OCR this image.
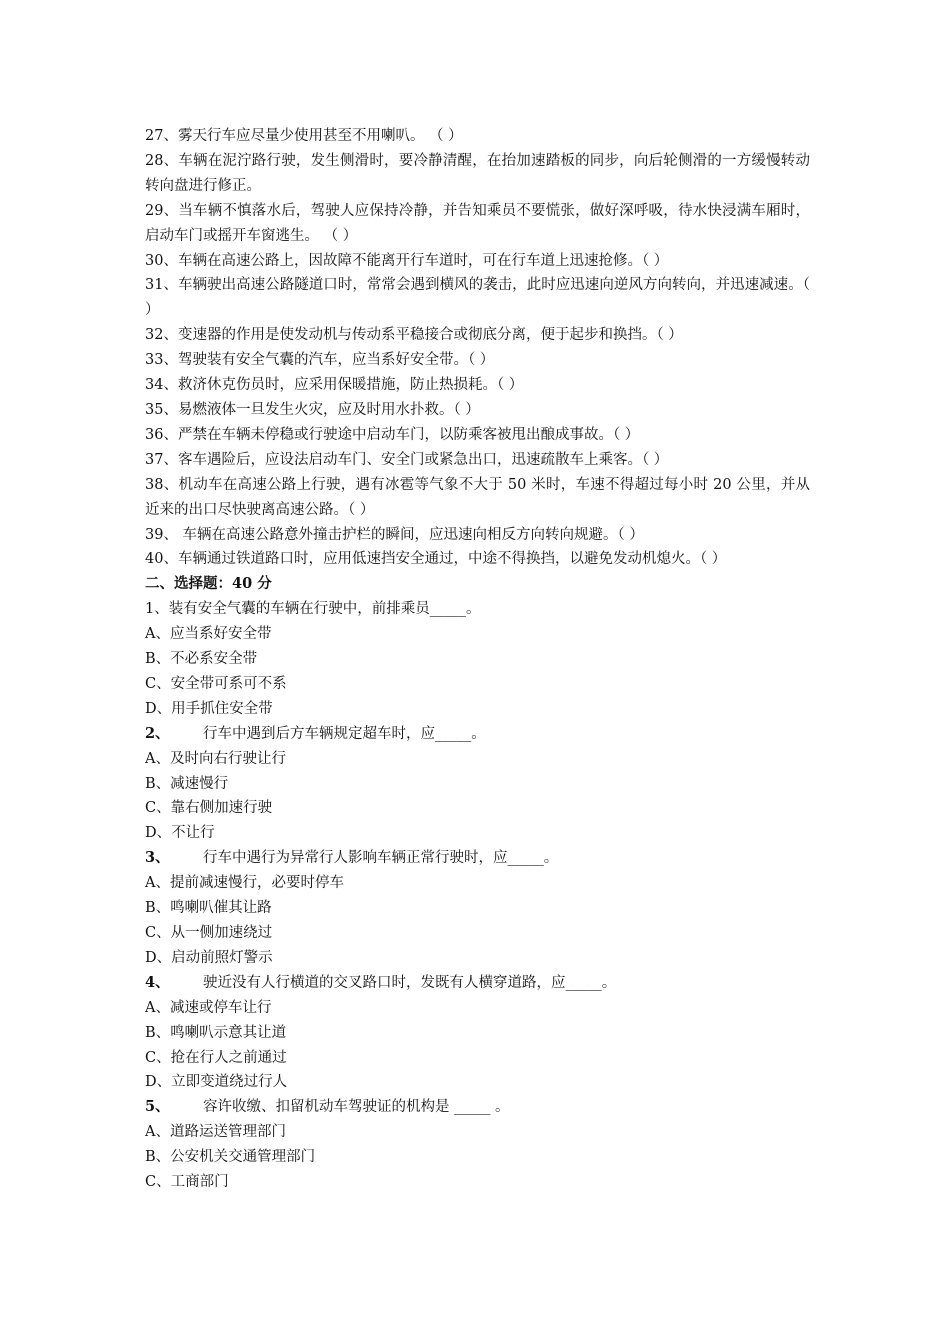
27、雾天行车应尽量少使用甚至不用喇叭。 （ ）
28、车辆在泥泞路行驶，发生侧滑时，要冷静清醒，在抬加速踏板的同步，向后轮侧滑的一方缓慢转动转向盘进行修正。
29、当车辆不慎落水后，驾驶人应保持冷静，并告知乘员不要慌张，做好深呼吸，待水快浸满车厢时，启动车门或摇开车窗逃生。 （ ）
30、车辆在高速公路上，因故障不能离开行车道时，可在行车道上迅速抢修。（ ）
31、车辆驶出高速公路隧道口时，常常会遇到横风的袭击，此时应迅速向逆风方向转向，并迅速减速。（ ）
32、变速器的作用是使发动机与传动系平稳接合或彻底分离，便于起步和换挡。（ ）
33、驾驶装有安全气囊的汽车，应当系好安全带。（ ）
34、救济休克伤员时，应采用保暖措施，防止热损耗。（ ）
35、易燃液体一旦发生火灾，应及时用水扑救。（ ）
36、严禁在车辆未停稳或行驶途中启动车门，以防乘客被甩出酿成事故。（ ）
37、客车遇险后，应设法启动车门、安全门或紧急出口，迅速疏散车上乘客。（ ）
38、机动车在高速公路上行驶，遇有冰雹等气象不大于 50 米时，车速不得超过每小时 20 公里，并从近来的出口尽快驶离高速公路。（ ）
39、 车辆在高速公路意外撞击护栏的瞬间，应迅速向相反方向转向规避。（ ）
40、车辆通过铁道路口时，应用低速挡安全通过，中途不得换挡，以避免发动机熄火。（ ）
二、选择题：40 分
1、装有安全气囊的车辆在行驶中，前排乘员_____。
A、应当系好安全带
B、不必系安全带
C、安全带可系可不系
D、用手抓住安全带
2、 行车中遇到后方车辆规定超车时，应_____。
A、及时向右行驶让行
B、减速慢行
C、靠右侧加速行驶
D、不让行
3、 行车中遇行为异常行人影响车辆正常行驶时，应_____。
A、提前减速慢行，必要时停车
B、鸣喇叭催其让路
C、从一侧加速绕过
D、启动前照灯警示
4、 驶近没有人行横道的交叉路口时，发既有人横穿道路，应_____。
A、减速或停车让行
B、鸣喇叭示意其让道
C、抢在行人之前通过
D、立即变道绕过行人
5、 容许收缴、扣留机动车驾驶证的机构是 _____ 。
A、道路运送管理部门
B、公安机关交通管理部门
C、工商部门
